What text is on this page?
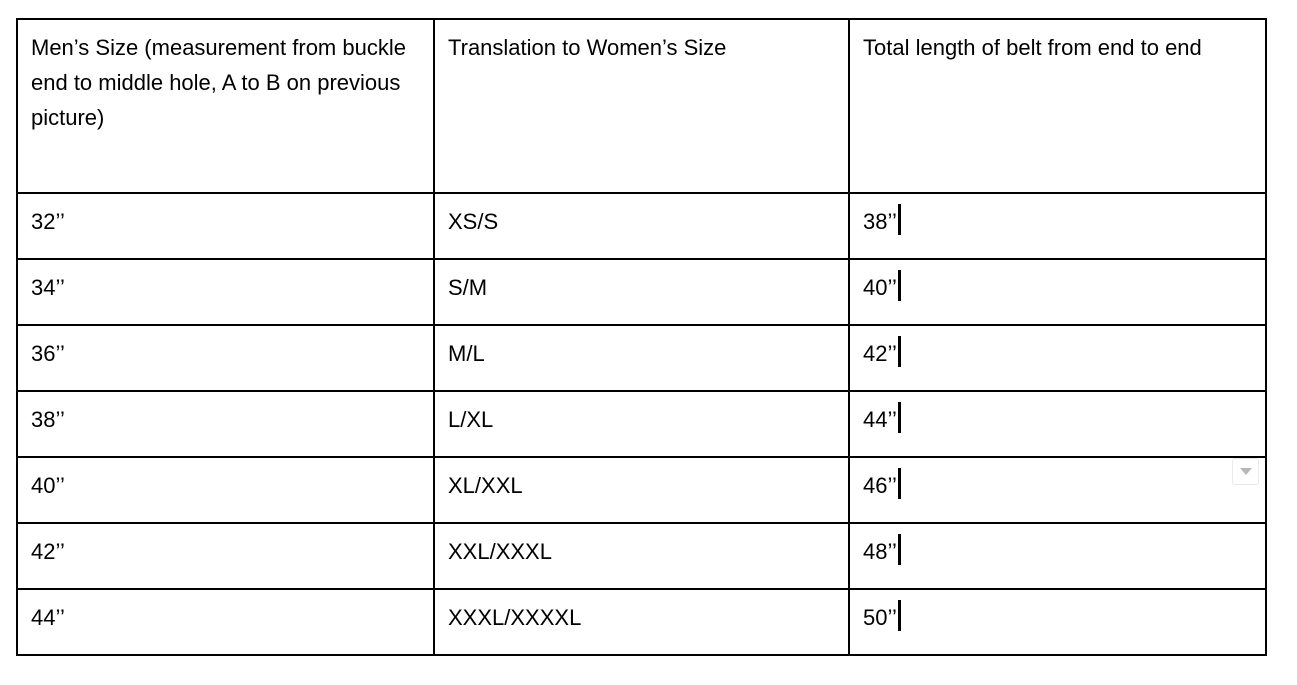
Men’s Size (measurement from buckle end to middle hole, A to B on previous picture)	Translation to Women’s Size	Total length of belt from end to end
32’’	XS/S	38’’
34’’	S/M	40’’
36’’	M/L	42’’
38’’	L/XL	44’’
40’’	XL/XXL	46’’
42’’	XXL/XXXL	48’’
44’’	XXXL/XXXXL	50’’
